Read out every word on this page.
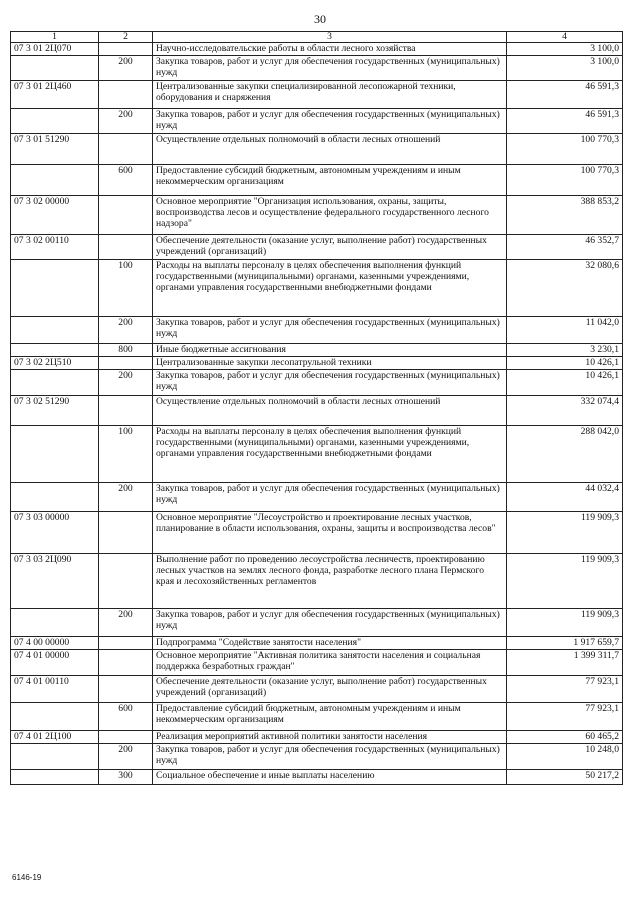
30
1	2	3	4
07 3 01 2Ц070		Научно-исследовательские работы в области лесного хозяйства	3 100,0
	200	Закупка товаров, работ и услуг для обеспечения государственных (муниципальных) нужд	3 100,0
07 3 01 2Ц460		Централизованные закупки специализированной лесопожарной техники, оборудования и снаряжения	46 591,3
	200	Закупка товаров, работ и услуг для обеспечения государственных (муниципальных) нужд	46 591,3
07 3 01 51290		Осуществление отдельных полномочий в области лесных отношений	100 770,3
	600	Предоставление субсидий бюджетным, автономным учреждениям и иным некоммерческим организациям	100 770,3
07 3 02 00000		Основное мероприятие "Организация использования, охраны, защиты, воспроизводства лесов и осуществление федерального государственного лесного надзора"	388 853,2
07 3 02 00110		Обеспечение деятельности (оказание услуг, выполнение работ) государственных учреждений (организаций)	46 352,7
	100	Расходы на выплаты персоналу в целях обеспечения выполнения функций государственными (муниципальными) органами, казенными учреждениями, органами управления государственными внебюджетными фондами	32 080,6
	200	Закупка товаров, работ и услуг для обеспечения государственных (муниципальных) нужд	11 042,0
	800	Иные бюджетные ассигнования	3 230,1
07 3 02 2Ц510		Централизованные закупки лесопатрульной техники	10 426,1
	200	Закупка товаров, работ и услуг для обеспечения государственных (муниципальных) нужд	10 426,1
07 3 02 51290		Осуществление отдельных полномочий в области лесных отношений	332 074,4
	100	Расходы на выплаты персоналу в целях обеспечения выполнения функций государственными (муниципальными) органами, казенными учреждениями, органами управления государственными внебюджетными фондами	288 042,0
	200	Закупка товаров, работ и услуг для обеспечения государственных (муниципальных) нужд	44 032,4
07 3 03 00000		Основное мероприятие "Лесоустройство и проектирование лесных участков, планирование в области использования, охраны, защиты и воспроизводства лесов"	119 909,3
07 3 03 2Ц090		Выполнение работ по проведению лесоустройства лесничеств, проектированию лесных участков на землях лесного фонда, разработке лесного плана Пермского края и лесохозяйственных регламентов	119 909,3
	200	Закупка товаров, работ и услуг для обеспечения государственных (муниципальных) нужд	119 909,3
07 4 00 00000		Подпрограмма "Содействие занятости населения"	1 917 659,7
07 4 01 00000		Основное мероприятие "Активная политика занятости населения и социальная поддержка безработных граждан"	1 399 311,7
07 4 01 00110		Обеспечение деятельности (оказание услуг, выполнение работ) государственных учреждений (организаций)	77 923,1
	600	Предоставление субсидий бюджетным, автономным учреждениям и иным некоммерческим организациям	77 923,1
07 4 01 2Ц100		Реализация мероприятий активной политики занятости населения	60 465,2
	200	Закупка товаров, работ и услуг для обеспечения государственных (муниципальных) нужд	10 248,0
	300	Социальное обеспечение и иные выплаты населению	50 217,2
6146-19
